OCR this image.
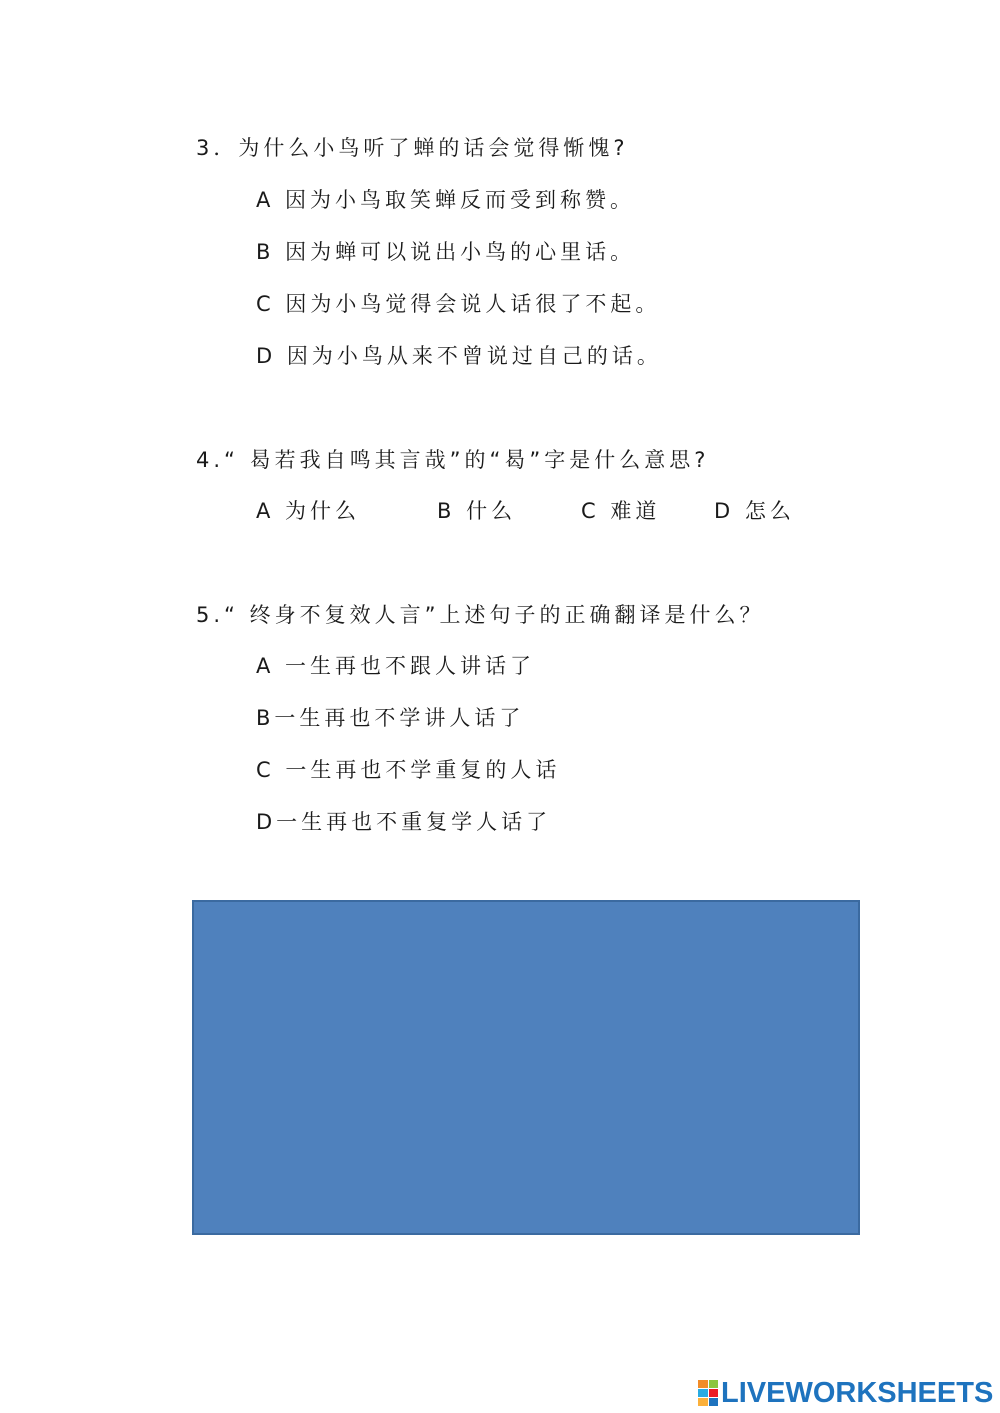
3．为什么小鸟听了蝉的话会觉得惭愧?
A 因为小鸟取笑蝉反而受到称赞。
B 因为蝉可以说出小鸟的心里话。
C 因为小鸟觉得会说人话很了不起。
D 因为小鸟从来不曾说过自己的话。
4.“ 曷若我自鸣其言哉”的“曷”字是什么意思?
A 为什么	B 什么	C 难道	D 怎么
5.“ 终身不复效人言”上述句子的正确翻译是什么？
A 一生再也不跟人讲话了
B一生再也不学讲人话了
C 一生再也不学重复的人话
D一生再也不重复学人话了
LIVEWORKSHEETS
